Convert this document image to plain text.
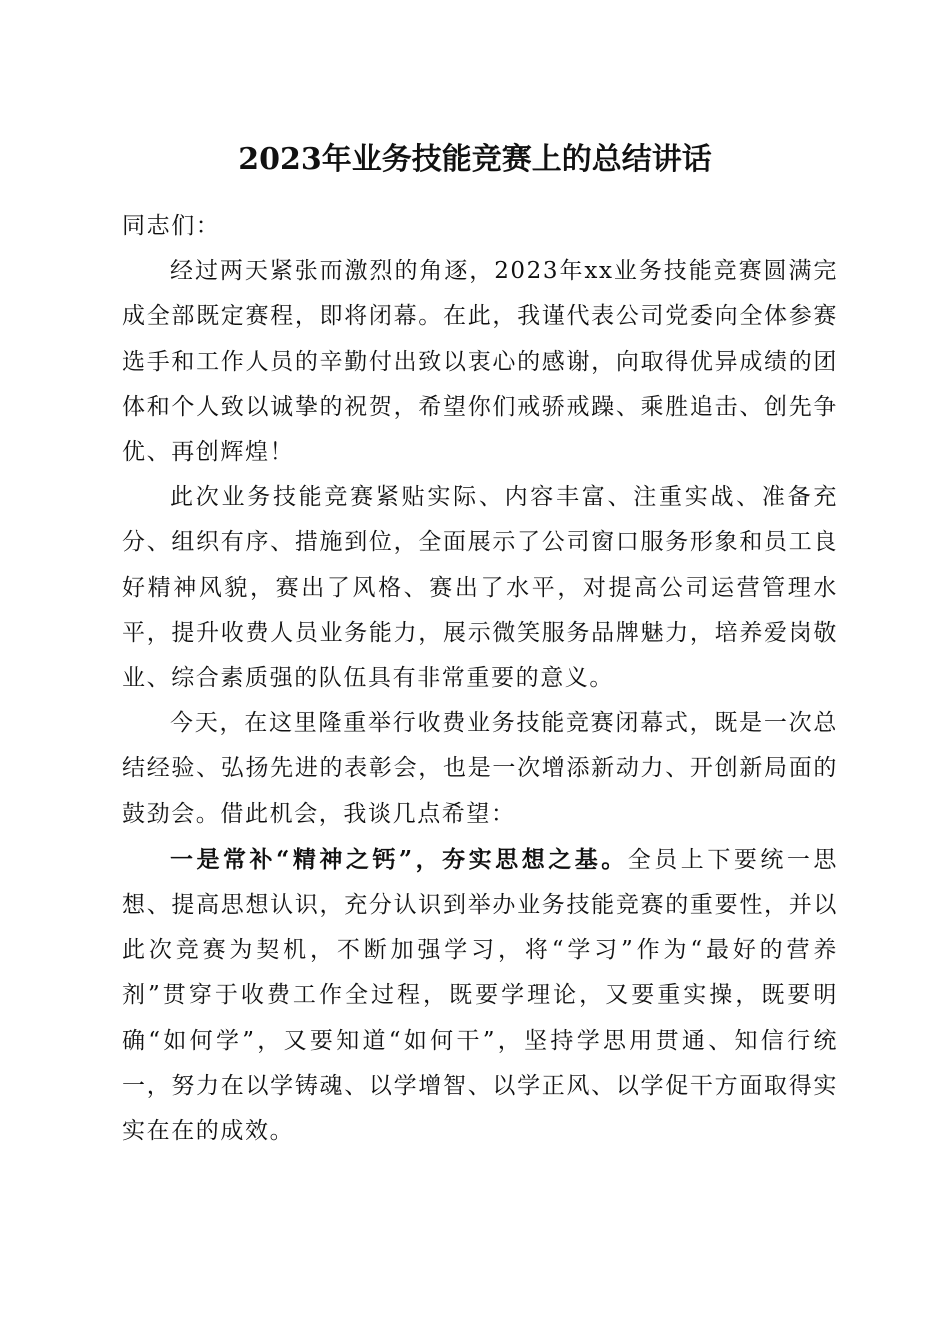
2023年业务技能竞赛上的总结讲话

同志们：

经过两天紧张而激烈的角逐，2023年xx业务技能竞赛圆满完成全部既定赛程，即将闭幕。在此，我谨代表公司党委向全体参赛选手和工作人员的辛勤付出致以衷心的感谢，向取得优异成绩的团体和个人致以诚挚的祝贺，希望你们戒骄戒躁、乘胜追击、创先争优、再创辉煌！

此次业务技能竞赛紧贴实际、内容丰富、注重实战、准备充分、组织有序、措施到位，全面展示了公司窗口服务形象和员工良好精神风貌，赛出了风格、赛出了水平，对提高公司运营管理水平，提升收费人员业务能力，展示微笑服务品牌魅力，培养爱岗敬业、综合素质强的队伍具有非常重要的意义。

今天，在这里隆重举行收费业务技能竞赛闭幕式，既是一次总结经验、弘扬先进的表彰会，也是一次增添新动力、开创新局面的鼓劲会。借此机会，我谈几点希望：

一是常补“精神之钙”，夯实思想之基。全员上下要统一思想、提高思想认识，充分认识到举办业务技能竞赛的重要性，并以此次竞赛为契机，不断加强学习，将“学习”作为“最好的营养剂”贯穿于收费工作全过程，既要学理论，又要重实操，既要明确“如何学”，又要知道“如何干”，坚持学思用贯通、知信行统一，努力在以学铸魂、以学增智、以学正风、以学促干方面取得实实在在的成效。
